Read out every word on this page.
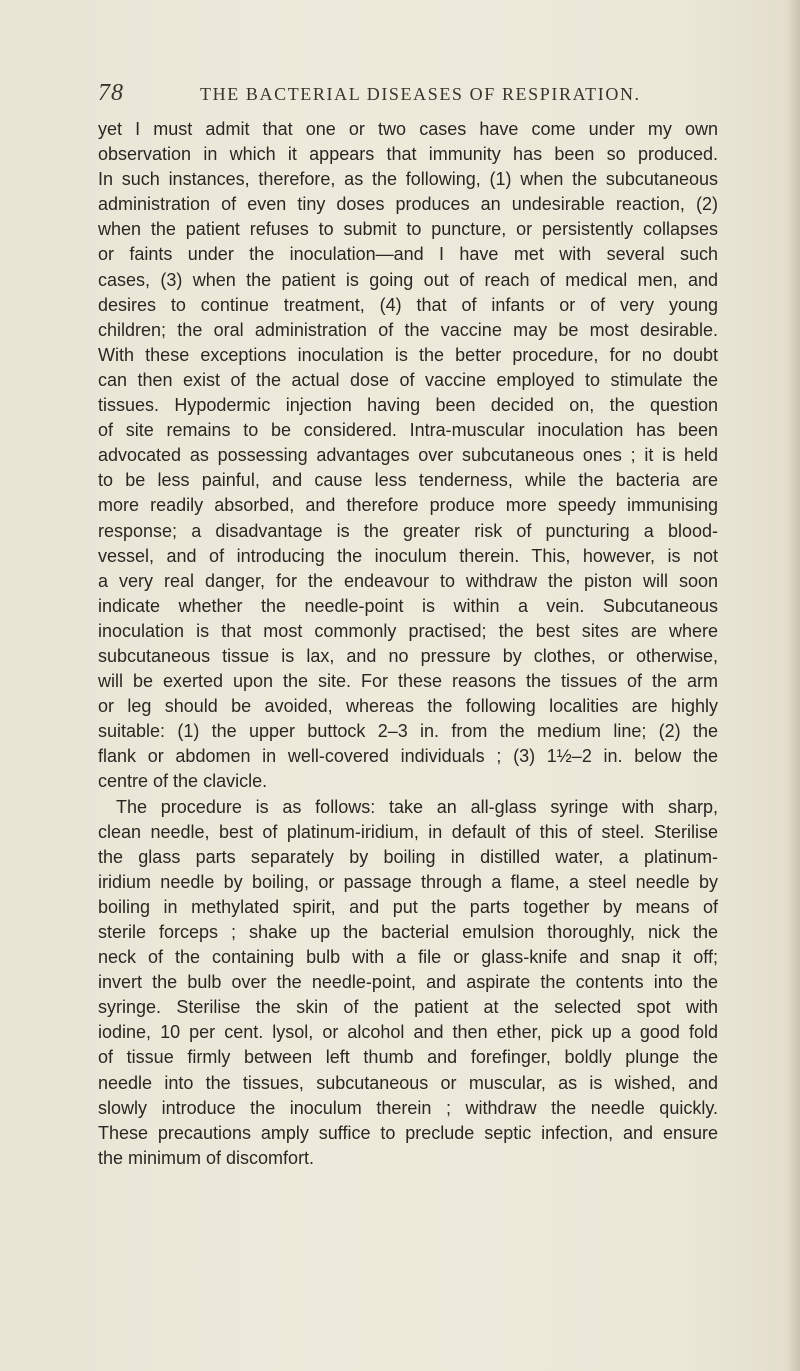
78	THE BACTERIAL DISEASES OF RESPIRATION.
yet I must admit that one or two cases have come under my own
observation in which it appears that immunity has been so produced.
In such instances, therefore, as the following, (1) when the subcutaneous
administration of even tiny doses produces an undesirable reaction, (2)
when the patient refuses to submit to puncture, or persistently collapses
or faints under the inoculation—and I have met with several such
cases, (3) when the patient is going out of reach of medical men, and
desires to continue treatment, (4) that of infants or of very young
children; the oral administration of the vaccine may be most desirable.
With these exceptions inoculation is the better procedure, for no doubt
can then exist of the actual dose of vaccine employed to stimulate the
tissues. Hypodermic injection having been decided on, the question
of site remains to be considered. Intra-muscular inoculation has been
advocated as possessing advantages over subcutaneous ones ; it is held
to be less painful, and cause less tenderness, while the bacteria are
more readily absorbed, and therefore produce more speedy immunising
response; a disadvantage is the greater risk of puncturing a blood-
vessel, and of introducing the inoculum therein. This, however, is not
a very real danger, for the endeavour to withdraw the piston will soon
indicate whether the needle-point is within a vein. Subcutaneous
inoculation is that most commonly practised; the best sites are where
subcutaneous tissue is lax, and no pressure by clothes, or otherwise,
will be exerted upon the site. For these reasons the tissues of the arm
or leg should be avoided, whereas the following localities are highly
suitable: (1) the upper buttock 2–3 in. from the medium line; (2) the
flank or abdomen in well-covered individuals ; (3) 1½–2 in. below the
centre of the clavicle.
The procedure is as follows: take an all-glass syringe with sharp,
clean needle, best of platinum-iridium, in default of this of steel. Sterilise
the glass parts separately by boiling in distilled water, a platinum-
iridium needle by boiling, or passage through a flame, a steel needle by
boiling in methylated spirit, and put the parts together by means of
sterile forceps ; shake up the bacterial emulsion thoroughly, nick the
neck of the containing bulb with a file or glass-knife and snap it off;
invert the bulb over the needle-point, and aspirate the contents into the
syringe. Sterilise the skin of the patient at the selected spot with
iodine, 10 per cent. lysol, or alcohol and then ether, pick up a good fold
of tissue firmly between left thumb and forefinger, boldly plunge the
needle into the tissues, subcutaneous or muscular, as is wished, and
slowly introduce the inoculum therein ; withdraw the needle quickly.
These precautions amply suffice to preclude septic infection, and ensure
the minimum of discomfort.
